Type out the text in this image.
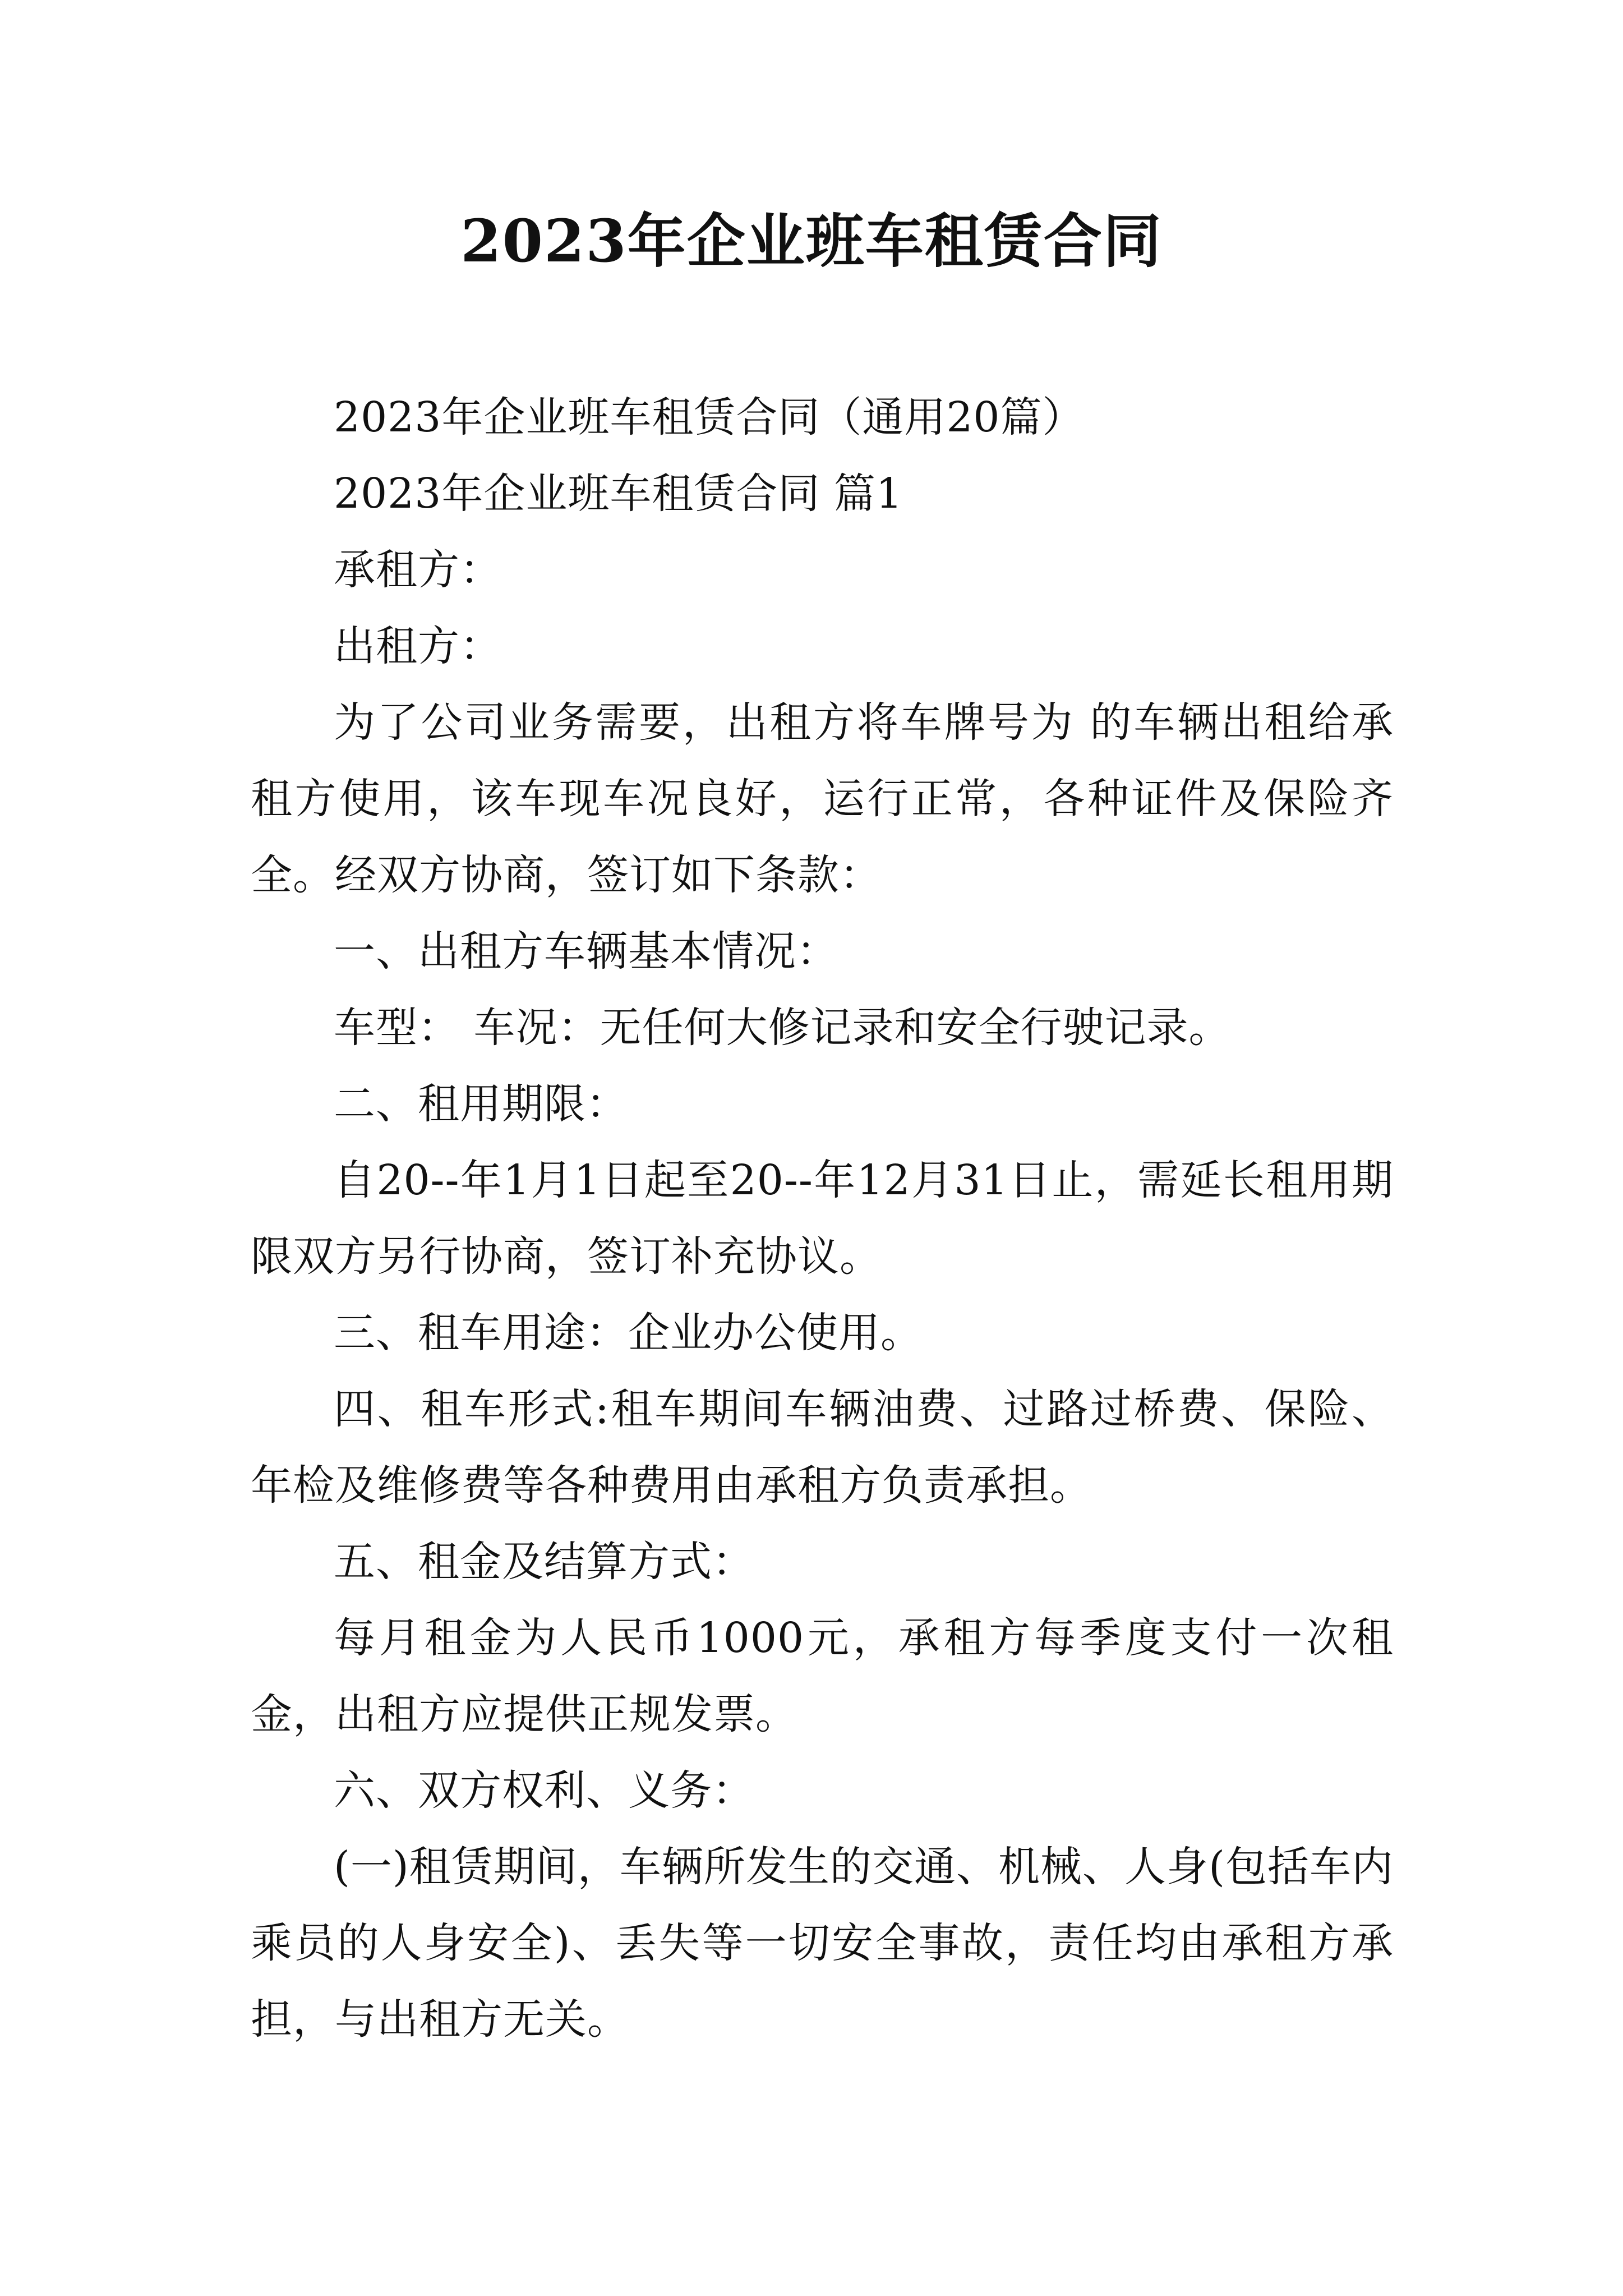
2023年企业班车租赁合同

2023年企业班车租赁合同（通用20篇）

2023年企业班车租赁合同 篇1

承租方：

出租方：

为了公司业务需要，出租方将车牌号为 的车辆出租给承租方使用，该车现车况良好，运行正常，各种证件及保险齐全。经双方协商，签订如下条款：

一、出租方车辆基本情况：

车型： 车况：无任何大修记录和安全行驶记录。

二、租用期限：

自20--年1月1日起至20--年12月31日止，需延长租用期限双方另行协商，签订补充协议。

三、租车用途：企业办公使用。

四、租车形式:租车期间车辆油费、过路过桥费、保险、年检及维修费等各种费用由承租方负责承担。

五、租金及结算方式：

每月租金为人民币1000元，承租方每季度支付一次租金，出租方应提供正规发票。

六、双方权利、义务：

(一)租赁期间，车辆所发生的交通、机械、人身(包括车内乘员的人身安全)、丢失等一切安全事故，责任均由承租方承担，与出租方无关。
